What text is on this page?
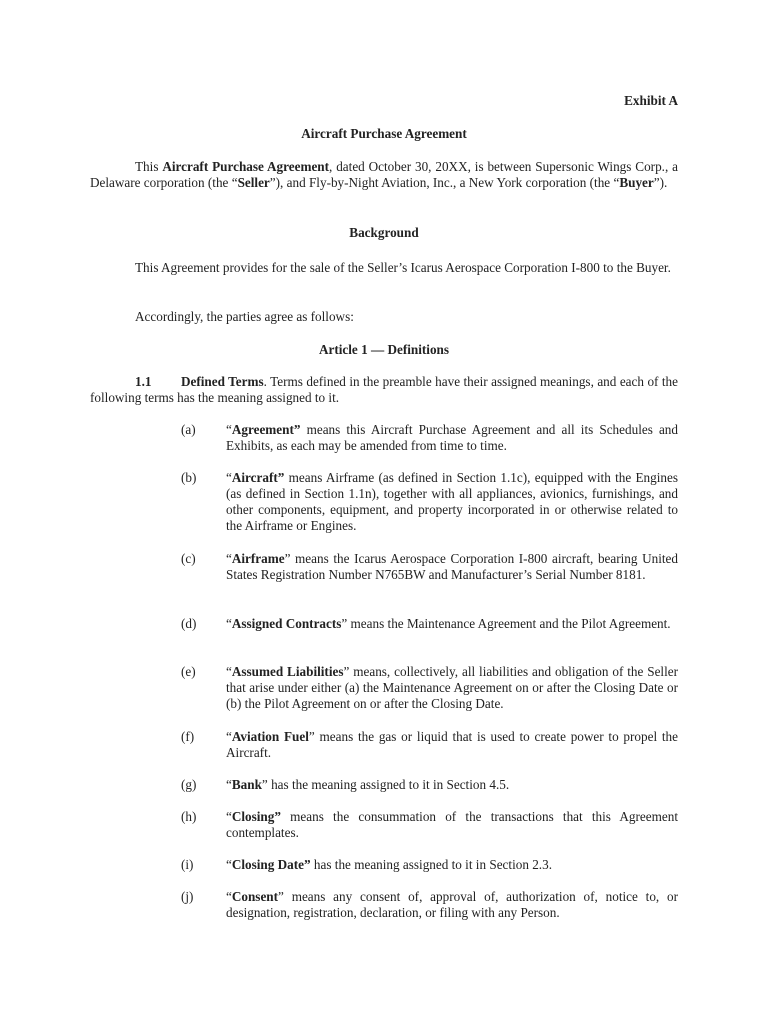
Exhibit A
Aircraft Purchase Agreement
This Aircraft Purchase Agreement, dated October 30, 20XX, is between Supersonic Wings Corp., a Delaware corporation (the “Seller”), and Fly-by-Night Aviation, Inc., a New York corporation (the “Buyer”).
Background
This Agreement provides for the sale of the Seller’s Icarus Aerospace Corporation I-800 to the Buyer.
Accordingly, the parties agree as follows:
Article 1 — Definitions
1.1 Defined Terms. Terms defined in the preamble have their assigned meanings, and each of the following terms has the meaning assigned to it.
(a)	“Agreement” means this Aircraft Purchase Agreement and all its Schedules and Exhibits, as each may be amended from time to time.
(b)	“Aircraft” means Airframe (as defined in Section 1.1c), equipped with the Engines (as defined in Section 1.1n), together with all appliances, avionics, furnishings, and other components, equipment, and property incorporated in or otherwise related to the Airframe or Engines.
(c)	“Airframe” means the Icarus Aerospace Corporation I-800 aircraft, bearing United States Registration Number N765BW and Manufacturer’s Serial Number 8181.
(d)	“Assigned Contracts” means the Maintenance Agreement and the Pilot Agreement.
(e)	“Assumed Liabilities” means, collectively, all liabilities and obligation of the Seller that arise under either (a) the Maintenance Agreement on or after the Closing Date or (b) the Pilot Agreement on or after the Closing Date.
(f)	“Aviation Fuel” means the gas or liquid that is used to create power to propel the Aircraft.
(g)	“Bank” has the meaning assigned to it in Section 4.5.
(h)	“Closing” means the consummation of the transactions that this Agreement contemplates.
(i)	“Closing Date” has the meaning assigned to it in Section 2.3.
(j)	“Consent” means any consent of, approval of, authorization of, notice to, or designation, registration, declaration, or filing with any Person.
